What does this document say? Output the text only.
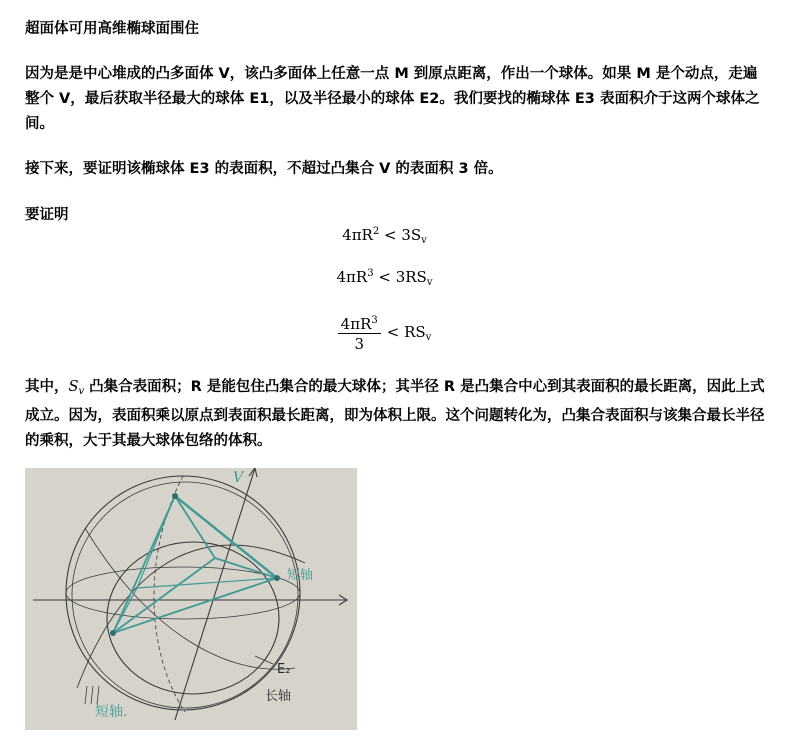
超面体可用高维椭球面围住

因为是是中心堆成的凸多面体 V，该凸多面体上任意一点 M 到原点距离，作出一个球体。如果 M 是个动点，走遍整个 V，最后获取半径最大的球体 E1，以及半径最小的球体 E2。我们要找的椭球体 E3 表面积介于这两个球体之间。

接下来，要证明该椭球体 E3 的表面积，不超过凸集合 V 的表面积 3 倍。

要证明

$4\pi R^2 < 3S_v$
$4\pi R^3 < 3RS_v$
$\frac{4\pi R^3}{3} < RS_v$

其中，$S_v$ 凸集合表面积；R 是能包住凸集合的最大球体；其半径 R 是凸集合中心到其表面积的最长距离，因此上式成立。因为，表面积乘以原点到表面积最长距离，即为体积上限。这个问题转化为，凸集合表面积与该集合最长半径的乘积，大于其最大球体包络的体积。

V
短轴
E₂
长轴
短轴.
